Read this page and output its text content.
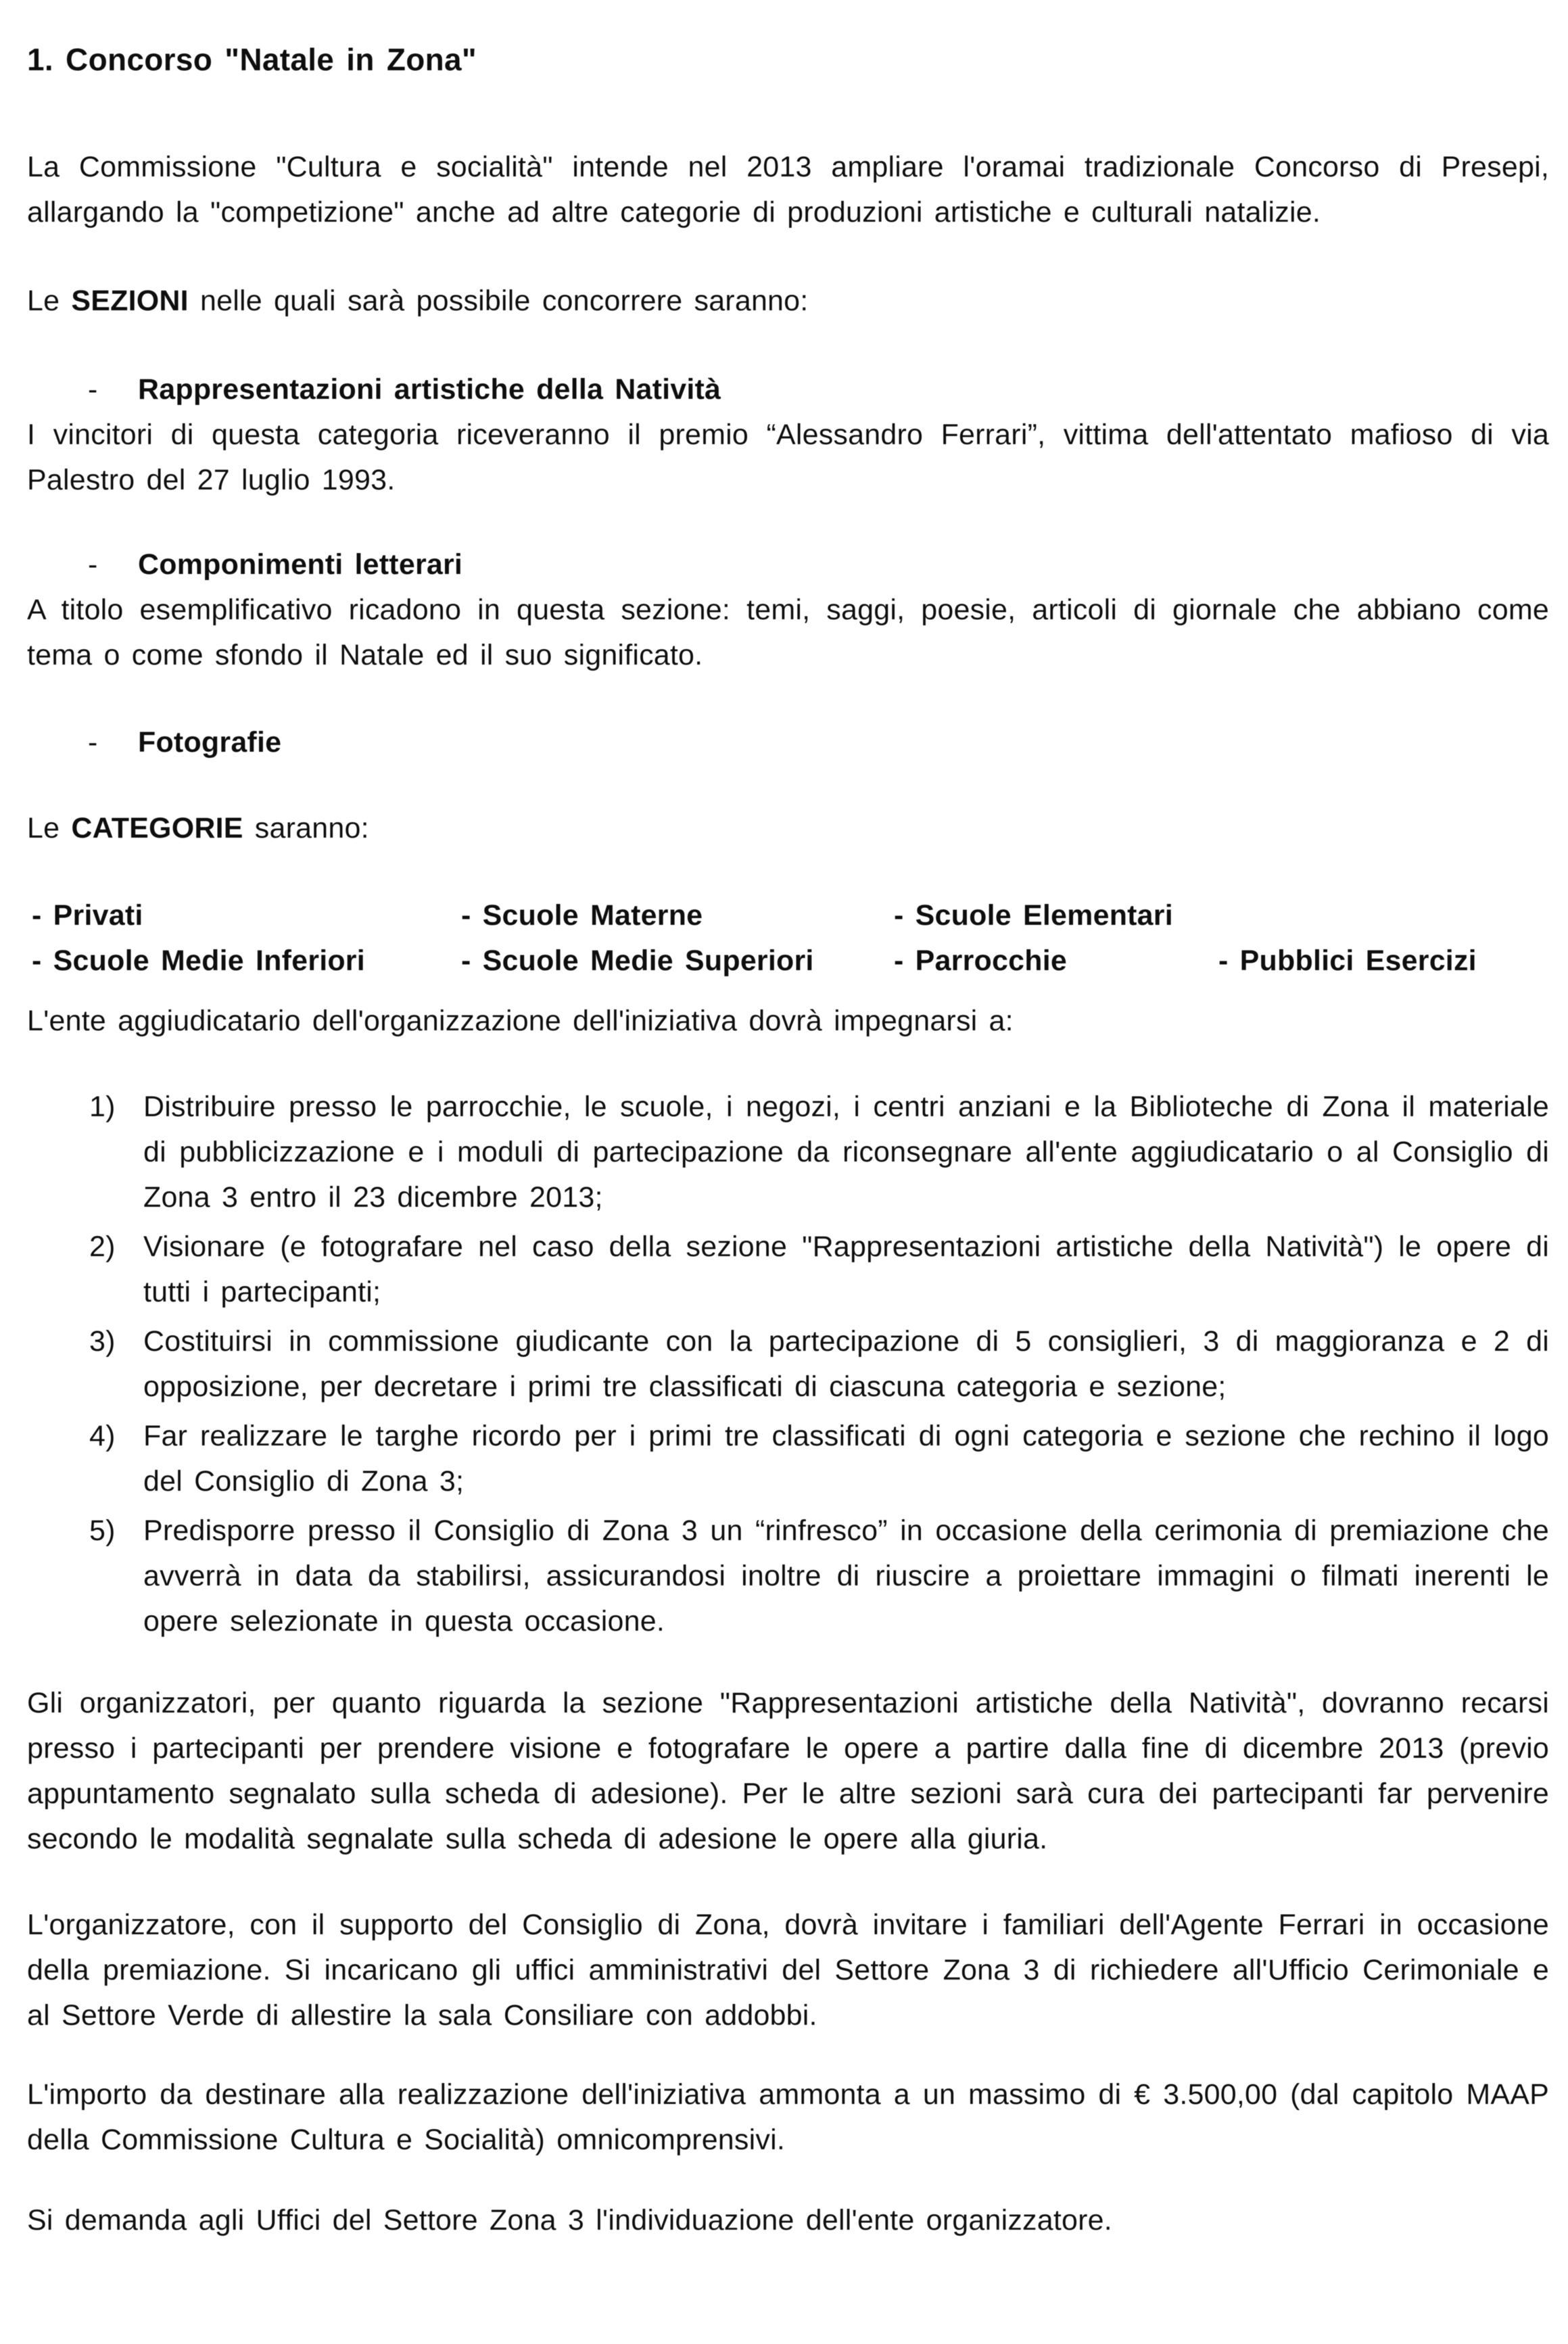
1. Concorso "Natale in Zona"

La Commissione "Cultura e socialità" intende nel 2013 ampliare l'oramai tradizionale Concorso di Presepi, allargando la "competizione" anche ad altre categorie di produzioni artistiche e culturali natalizie.

Le SEZIONI nelle quali sarà possibile concorrere saranno:

-	Rappresentazioni artistiche della Natività

I vincitori di questa categoria riceveranno il premio “Alessandro Ferrari”, vittima dell'attentato mafioso di via Palestro del 27 luglio 1993.

-	Componimenti letterari

A titolo esemplificativo ricadono in questa sezione: temi, saggi, poesie, articoli di giornale che abbiano come tema o come sfondo il Natale ed il suo significato.

-	Fotografie

Le CATEGORIE saranno:

- Privati	- Scuole Materne	- Scuole Elementari
- Scuole Medie Inferiori	- Scuole Medie Superiori	- Parrocchie	- Pubblici Esercizi

L'ente aggiudicatario dell'organizzazione dell'iniziativa dovrà impegnarsi a:

1) Distribuire presso le parrocchie, le scuole, i negozi, i centri anziani e la Biblioteche di Zona il materiale di pubblicizzazione e i moduli di partecipazione da riconsegnare all'ente aggiudicatario o al Consiglio di Zona 3 entro il 23 dicembre 2013;
2) Visionare (e fotografare nel caso della sezione "Rappresentazioni artistiche della Natività") le opere di tutti i partecipanti;
3) Costituirsi in commissione giudicante con la partecipazione di 5 consiglieri, 3 di maggioranza e 2 di opposizione, per decretare i primi tre classificati di ciascuna categoria e sezione;
4) Far realizzare le targhe ricordo per i primi tre classificati di ogni categoria e sezione che rechino il logo del Consiglio di Zona 3;
5) Predisporre presso il Consiglio di Zona 3 un “rinfresco” in occasione della cerimonia di premiazione che avverrà in data da stabilirsi, assicurandosi inoltre di riuscire a proiettare immagini o filmati inerenti le opere selezionate in questa occasione.

Gli organizzatori, per quanto riguarda la sezione "Rappresentazioni artistiche della Natività", dovranno recarsi presso i partecipanti per prendere visione e fotografare le opere a partire dalla fine di dicembre 2013 (previo appuntamento segnalato sulla scheda di adesione). Per le altre sezioni sarà cura dei partecipanti far pervenire secondo le modalità segnalate sulla scheda di adesione le opere alla giuria.

L'organizzatore, con il supporto del Consiglio di Zona, dovrà invitare i familiari dell'Agente Ferrari in occasione della premiazione. Si incaricano gli uffici amministrativi del Settore Zona 3 di richiedere all'Ufficio Cerimoniale e al Settore Verde di allestire la sala Consiliare con addobbi.

L'importo da destinare alla realizzazione dell'iniziativa ammonta a un massimo di € 3.500,00 (dal capitolo MAAP della Commissione Cultura e Socialità) omnicomprensivi.

Si demanda agli Uffici del Settore Zona 3 l'individuazione dell'ente organizzatore.
